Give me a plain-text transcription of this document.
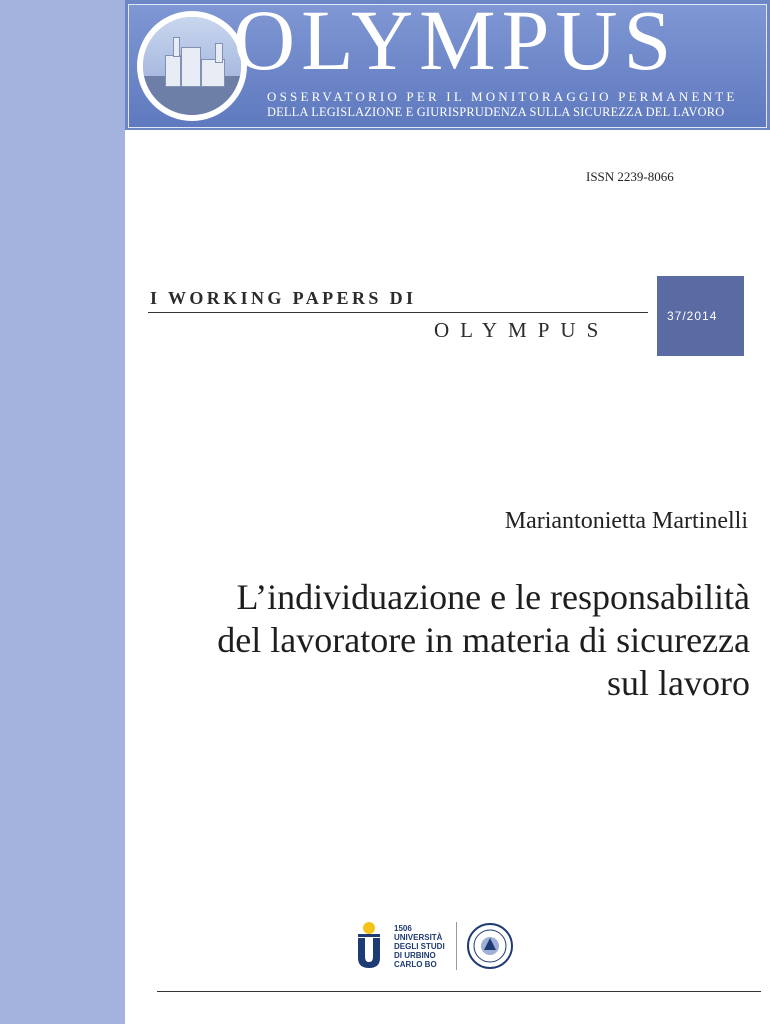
OLYMPUS
OSSERVATORIO PER IL MONITORAGGIO PERMANENTE
DELLA LEGISLAZIONE E GIURISPRUDENZA SULLA SICUREZZA DEL LAVORO
ISSN 2239-8066
I WORKING PAPERS DI
OLYMPUS
37/2014
Mariantonietta Martinelli
L’individuazione e le responsabilità del lavoratore in materia di sicurezza sul lavoro
1506
UNIVERSITÀ
DEGLI STUDI
DI URBINO
CARLO BO
